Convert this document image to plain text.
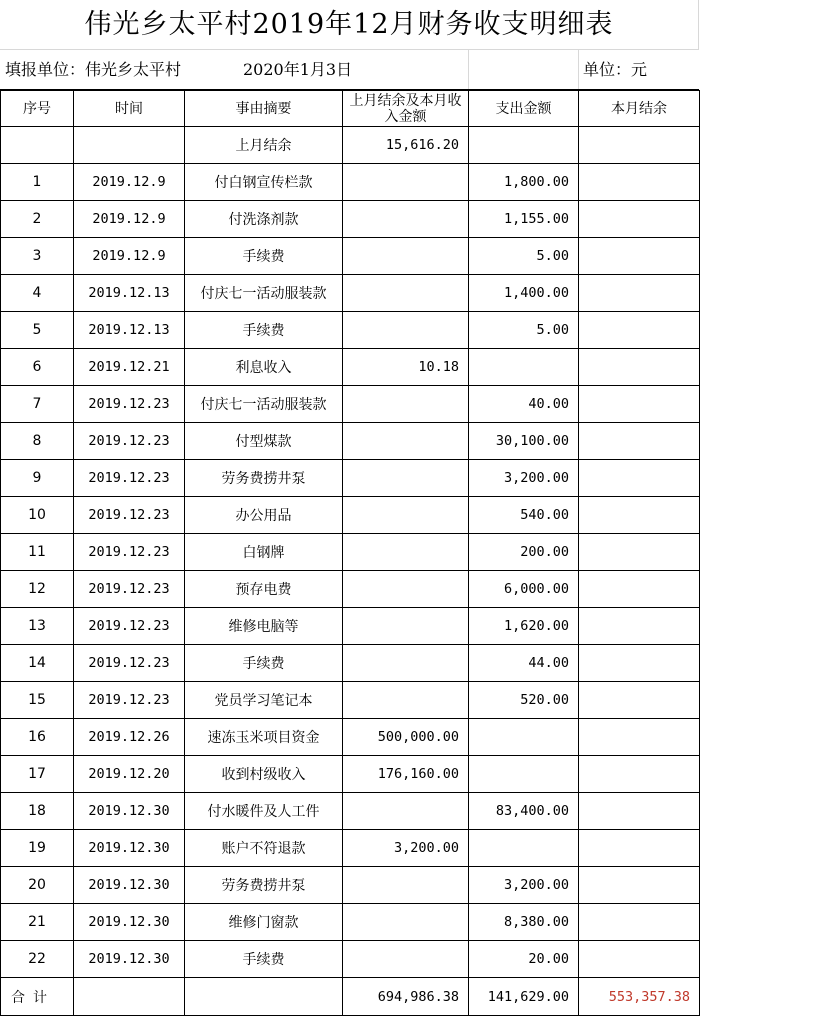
伟光乡太平村2019年12月财务收支明细表
填报单位：伟光乡太平村	2020年1月3日	单位：元
序号	时间	事由摘要	上月结余及本月收入金额	支出金额	本月结余
		上月结余	15,616.20		
1	2019.12.9	付白钢宣传栏款		1,800.00	
2	2019.12.9	付洗涤剂款		1,155.00	
3	2019.12.9	手续费		5.00	
4	2019.12.13	付庆七一活动服装款		1,400.00	
5	2019.12.13	手续费		5.00	
6	2019.12.21	利息收入	10.18		
7	2019.12.23	付庆七一活动服装款		40.00	
8	2019.12.23	付型煤款		30,100.00	
9	2019.12.23	劳务费捞井泵		3,200.00	
10	2019.12.23	办公用品		540.00	
11	2019.12.23	白钢牌		200.00	
12	2019.12.23	预存电费		6,000.00	
13	2019.12.23	维修电脑等		1,620.00	
14	2019.12.23	手续费		44.00	
15	2019.12.23	党员学习笔记本		520.00	
16	2019.12.26	速冻玉米项目资金	500,000.00		
17	2019.12.20	收到村级收入	176,160.00		
18	2019.12.30	付水暖件及人工件		83,400.00	
19	2019.12.30	账户不符退款	3,200.00		
20	2019.12.30	劳务费捞井泵		3,200.00	
21	2019.12.30	维修门窗款		8,380.00	
22	2019.12.30	手续费		20.00	
合计			694,986.38	141,629.00	553,357.38
